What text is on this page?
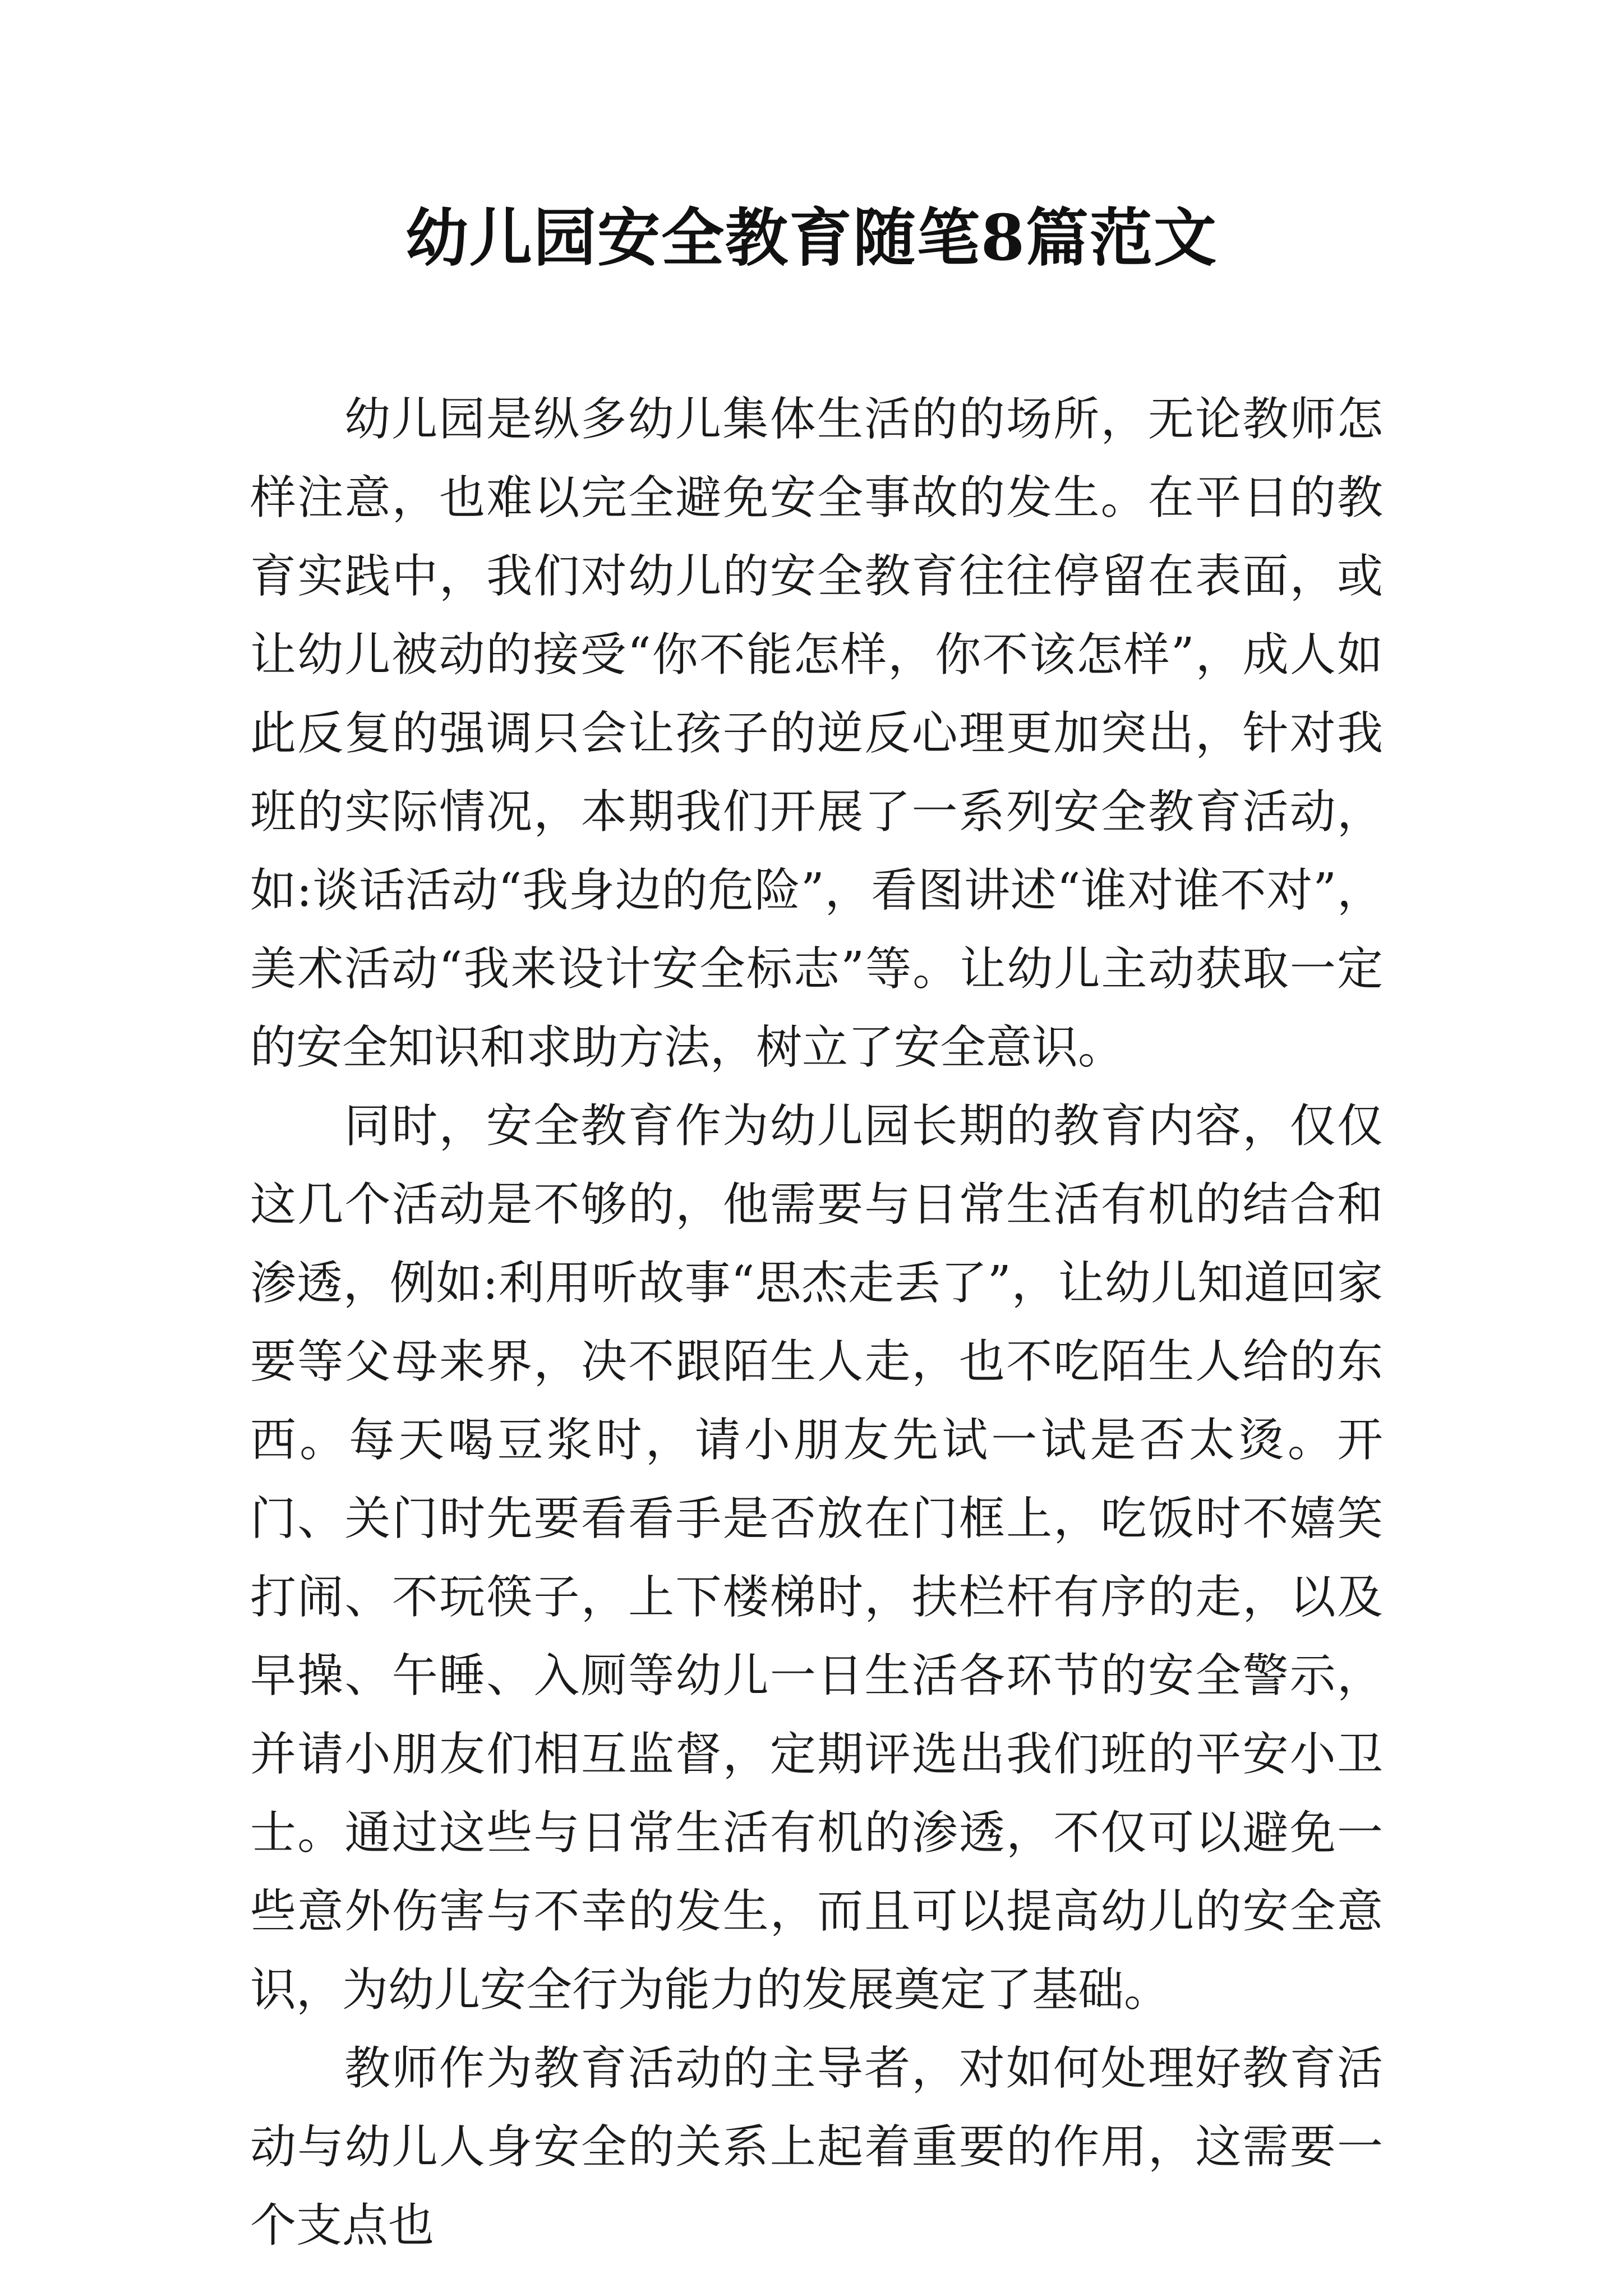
幼儿园安全教育随笔8篇范文

幼儿园是纵多幼儿集体生活的的场所，无论教师怎样注意，也难以完全避免安全事故的发生。在平日的教育实践中，我们对幼儿的安全教育往往停留在表面，或让幼儿被动的接受“你不能怎样，你不该怎样”，成人如此反复的强调只会让孩子的逆反心理更加突出，针对我班的实际情况，本期我们开展了一系列安全教育活动，如:谈话活动“我身边的危险”，看图讲述“谁对谁不对”，美术活动“我来设计安全标志”等。让幼儿主动获取一定的安全知识和求助方法，树立了安全意识。

同时，安全教育作为幼儿园长期的教育内容，仅仅这几个活动是不够的，他需要与日常生活有机的结合和渗透，例如:利用听故事“思杰走丢了”，让幼儿知道回家要等父母来界，决不跟陌生人走，也不吃陌生人给的东西。每天喝豆浆时，请小朋友先试一试是否太烫。开门、关门时先要看看手是否放在门框上，吃饭时不嬉笑打闹、不玩筷子，上下楼梯时，扶栏杆有序的走，以及早操、午睡、入厕等幼儿一日生活各环节的安全警示，并请小朋友们相互监督，定期评选出我们班的平安小卫士。通过这些与日常生活有机的渗透，不仅可以避免一些意外伤害与不幸的发生，而且可以提高幼儿的安全意识，为幼儿安全行为能力的发展奠定了基础。

教师作为教育活动的主导者，对如何处理好教育活动与幼儿人身安全的关系上起着重要的作用，这需要一个支点也
